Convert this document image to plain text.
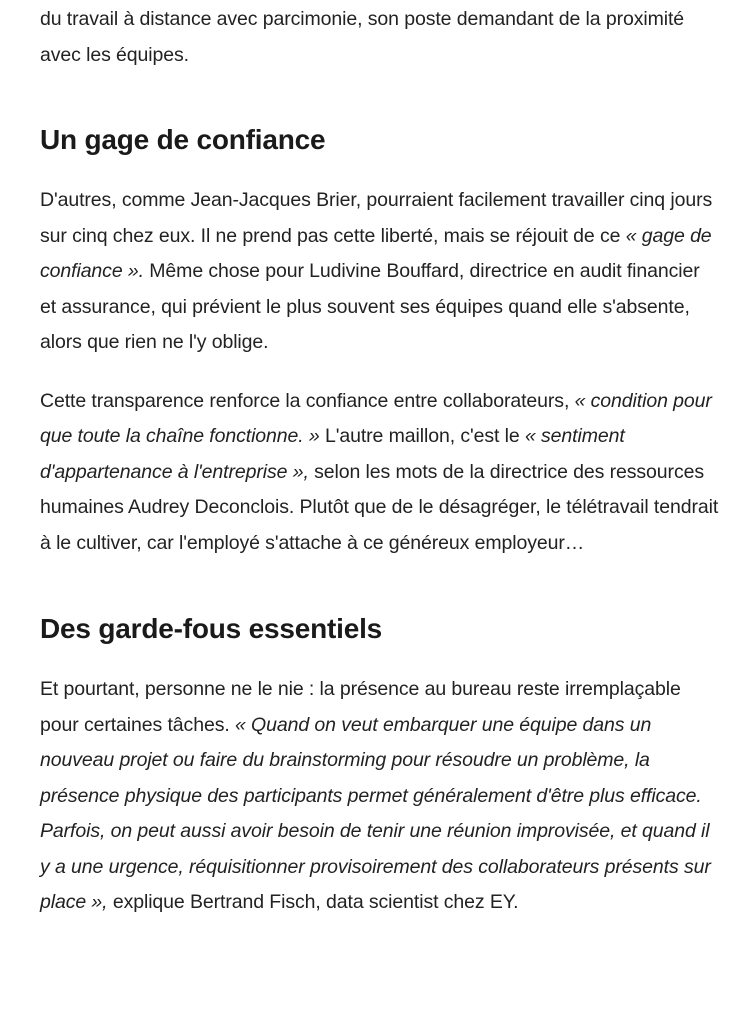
du travail à distance avec parcimonie, son poste demandant de la proximité avec les équipes.

Un gage de confiance

D'autres, comme Jean-Jacques Brier, pourraient facilement travailler cinq jours sur cinq chez eux. Il ne prend pas cette liberté, mais se réjouit de ce « gage de confiance ». Même chose pour Ludivine Bouffard, directrice en audit financier et assurance, qui prévient le plus souvent ses équipes quand elle s'absente, alors que rien ne l'y oblige.

Cette transparence renforce la confiance entre collaborateurs, « condition pour que toute la chaîne fonctionne. » L'autre maillon, c'est le « sentiment d'appartenance à l'entreprise », selon les mots de la directrice des ressources humaines Audrey Deconclois. Plutôt que de le désagréger, le télétravail tendrait à le cultiver, car l'employé s'attache à ce généreux employeur…

Des garde-fous essentiels

Et pourtant, personne ne le nie : la présence au bureau reste irremplaçable pour certaines tâches. « Quand on veut embarquer une équipe dans un nouveau projet ou faire du brainstorming pour résoudre un problème, la présence physique des participants permet généralement d'être plus efficace. Parfois, on peut aussi avoir besoin de tenir une réunion improvisée, et quand il y a une urgence, réquisitionner provisoirement des collaborateurs présents sur place », explique Bertrand Fisch, data scientist chez EY.
